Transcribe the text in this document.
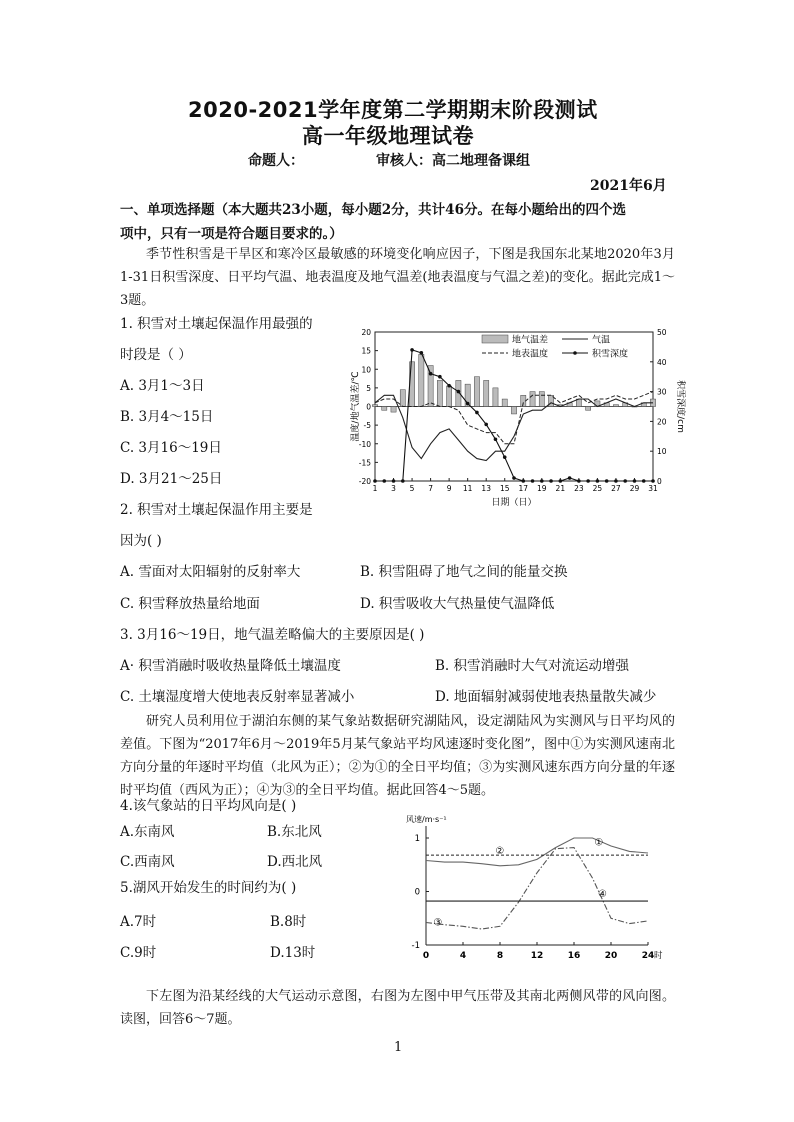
2020-2021学年度第二学期期末阶段测试
高一年级地理试卷
命题人：	审核人：高二地理备课组
2021年6月
一、单项选择题（本大题共23小题，每小题2分，共计46分。在每小题给出的四个选
项中，只有一项是符合题目要求的。）
季节性积雪是干旱区和寒冷区最敏感的环境变化响应因子，下图是我国东北某地2020年3月1-31日积雪深度、日平均气温、地表温度及地气温差(地表温度与气温之差)的变化。据此完成1～3题。
1. 积雪对土壤起保温作用最强的
时段是（ ）
A. 3月1～3日
B. 3月4～15日
C. 3月16～19日
D. 3月21～25日
2. 积雪对土壤起保温作用主要是
因为( )
A. 雪面对太阳辐射的反射率大	B. 积雪阻碍了地气之间的能量交换
C. 积雪释放热量给地面	D. 积雪吸收大气热量使气温降低
3. 3月16～19日，地气温差略偏大的主要原因是( )
A· 积雪消融时吸收热量降低土壤温度	B. 积雪消融时大气对流运动增强
C. 土壤湿度增大使地表反射率显著减小	D. 地面辐射减弱使地表热量散失减少
研究人员利用位于湖泊东侧的某气象站数据研究湖陆风，设定湖陆风为实测风与日平均风的差值。下图为“2017年6月～2019年5月某气象站平均风速逐时变化图”，图中①为实测风速南北方向分量的年逐时平均值（北风为正）；②为①的全日平均值；③为实测风速东西方向分量的年逐时平均值（西风为正）；④为③的全日平均值。据此回答4～5题。
4.该气象站的日平均风向是( )
A.东南风	B.东北风
C.西南风	D.西北风
5.湖风开始发生的时间约为( )
A.7时	B.8时
C.9时	D.13时
下左图为沿某经线的大气运动示意图，右图为左图中甲气压带及其南北两侧风带的风向图。 读图，回答6～7题。
1
20
15
10
5
0
-5
-10
-15
-20
50
40
30
20
10
0
1 3 5 7 9 11 13 15 17 19 21 23 25 27 29 31
日期（日）
温度/地气温差/℃	积雪深度/cm
地气温差	气温
地表温度	积雪深度
风速/m·s⁻¹
1
0
-1
0	4	8	12	16	20	24 时
①
②
③
④
